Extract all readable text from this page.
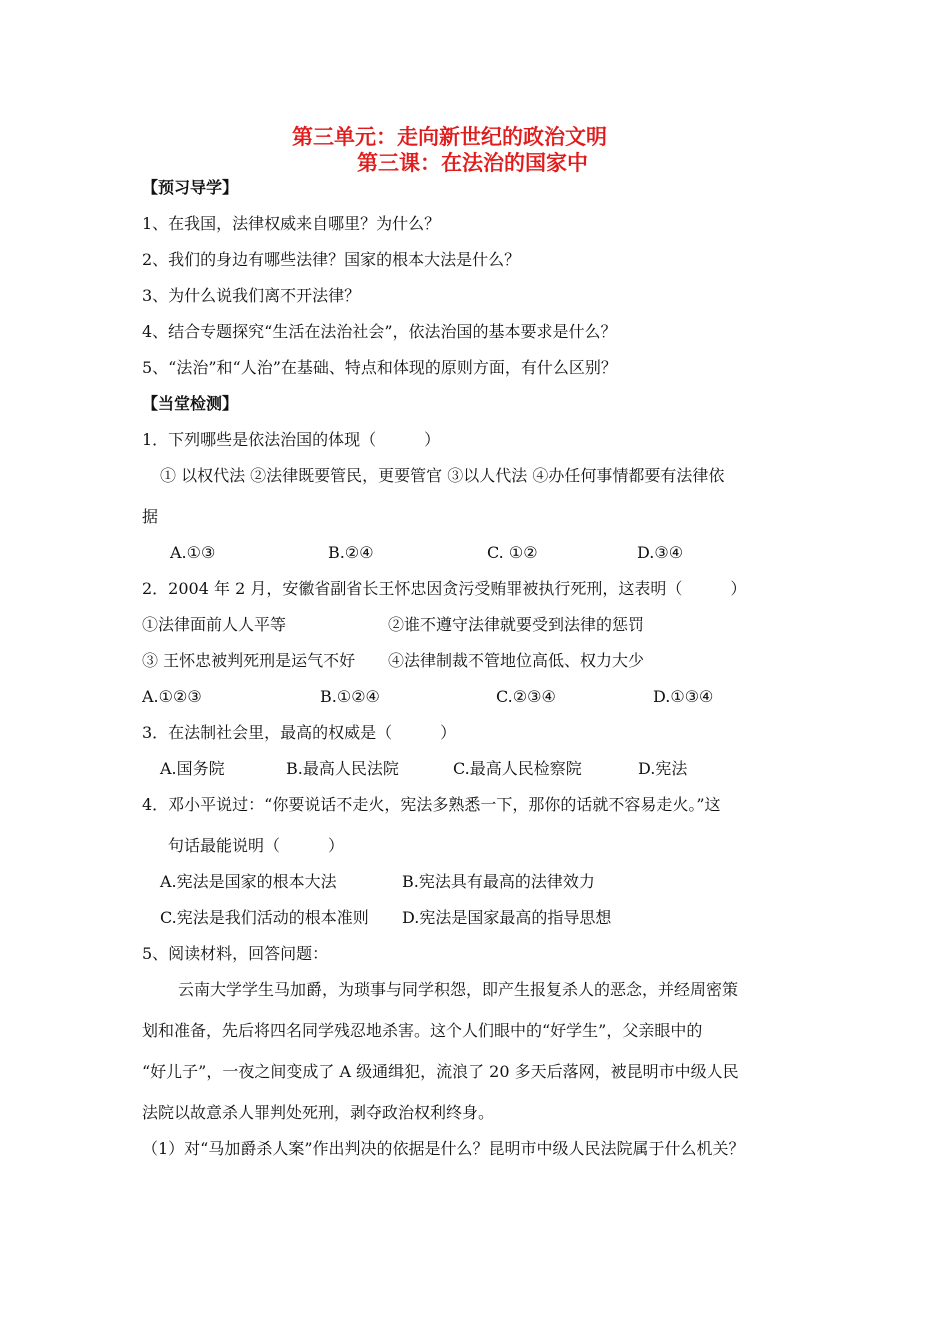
第三单元：走向新世纪的政治文明
第三课：在法治的国家中
【预习导学】
1、在我国，法律权威来自哪里？为什么？
2、我们的身边有哪些法律？国家的根本大法是什么？
3、为什么说我们离不开法律？
4、结合专题探究“生活在法治社会”，依法治国的基本要求是什么？
5、“法治”和“人治”在基础、特点和体现的原则方面，有什么区别？
【当堂检测】
1．下列哪些是依法治国的体现（　　　）
① 以权代法 ②法律既要管民，更要管官 ③以人代法 ④办任何事情都要有法律依
据
A.①③	B.②④	C. ①②	D.③④
2．2004 年 2 月，安徽省副省长王怀忠因贪污受贿罪被执行死刑，这表明（　　　）
①法律面前人人平等	②谁不遵守法律就要受到法律的惩罚
③ 王怀忠被判死刑是运气不好 ④法律制裁不管地位高低、权力大少
A.①②③	B.①②④	C.②③④	D.①③④
3．在法制社会里，最高的权威是（　　　）
A.国务院	B.最高人民法院	C.最高人民检察院	D.宪法
4．邓小平说过：“你要说话不走火，宪法多熟悉一下，那你的话就不容易走火。”这
句话最能说明（　　　）
A.宪法是国家的根本大法	B.宪法具有最高的法律效力
C.宪法是我们活动的根本准则 D.宪法是国家最高的指导思想
5、阅读材料，回答问题：
云南大学学生马加爵，为琐事与同学积怨，即产生报复杀人的恶念，并经周密策
划和准备，先后将四名同学残忍地杀害。这个人们眼中的“好学生”，父亲眼中的
“好儿子”，一夜之间变成了 A 级通缉犯，流浪了 20 多天后落网，被昆明市中级人民
法院以故意杀人罪判处死刑，剥夺政治权利终身。
（1）对“马加爵杀人案”作出判决的依据是什么？昆明市中级人民法院属于什么机关？
